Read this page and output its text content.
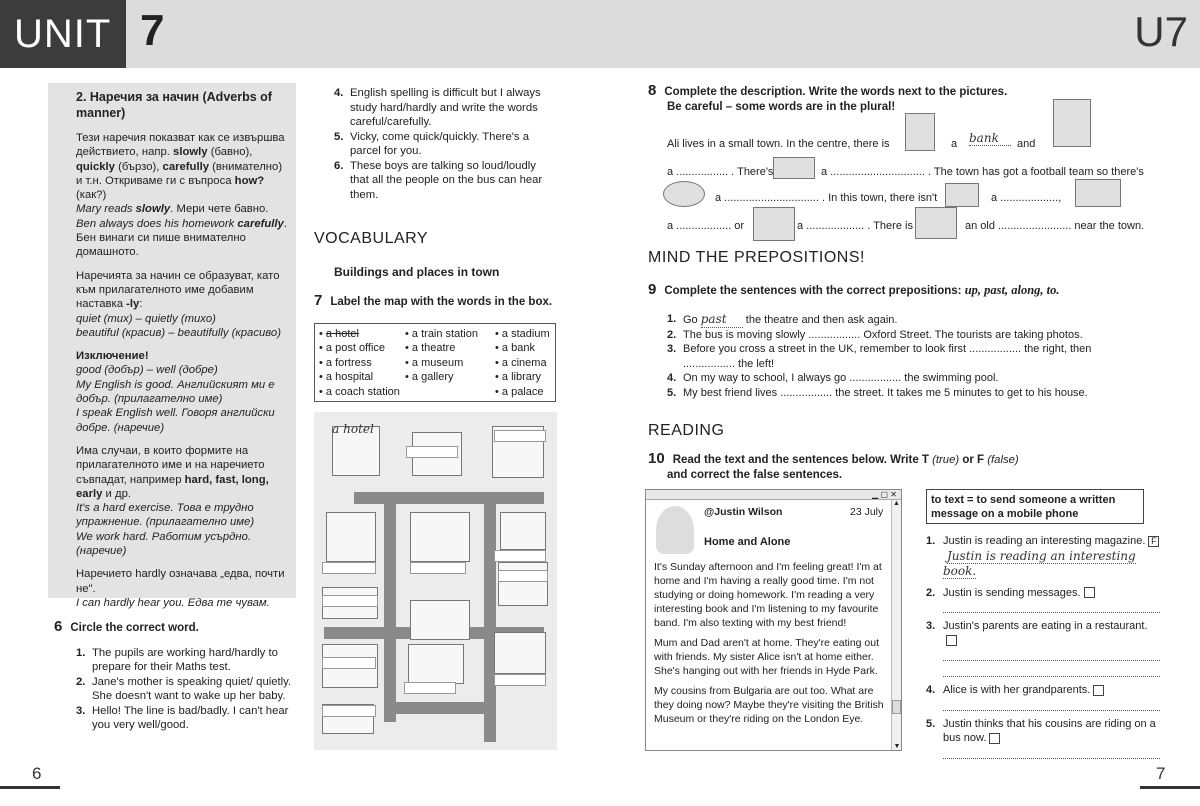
UNIT 7	U7
2. Наречия за начин (Adverbs of manner)

Тези наречия показват как се извършва действието, напр. slowly (бавно), quickly (бързо), carefully (внимателно) и т.н. Откриваме ги с въпроса how? (как?)
Mary reads slowly. Мери чете бавно.
Ben always does his homework carefully. Бен винаги си пише внимателно домашното.

Наречията за начин се образуват, като към прилагателното име добавим наставка -ly:
quiet (тих) – quietly (тихо)
beautiful (красив) – beautifully (красиво)

Изключение!
good (добър) – well (добре)
My English is good. Английският ми е добър. (прилагателно име)
I speak English well. Говоря английски добре. (наречие)

Има случаи, в които формите на прилагателното име и на наречието съвпадат, например hard, fast, long, early и др.
It's a hard exercise. Това е трудно упражнение. (прилагателно име)
We work hard. Работим усърдно. (наречие)

Наречието hardly означава „едва, почти не".
I can hardly hear you. Едва те чувам.

6 Circle the correct word.
1. The pupils are working hard/hardly to prepare for their Maths test.
2. Jane's mother is speaking quiet/ quietly. She doesn't want to wake up her baby.
3. Hello! The line is bad/badly. I can't hear you very well/good.
4. English spelling is difficult but I always study hard/hardly and write the words careful/carefully.
5. Vicky, come quick/quickly. There's a parcel for you.
6. These boys are talking so loud/loudly that all the people on the bus can hear them.
VOCABULARY
Buildings and places in town
7 Label the map with the words in the box.
• a hotel	• a train station	• a stadium
• a post office	• a theatre	• a bank
• a fortress	• a museum	• a cinema
• a hospital	• a gallery	• a library
• a coach station	• a palace
a hotel
8 Complete the description. Write the words next to the pictures.
Be careful – some words are in the plural!
Ali lives in a small town. In the centre, there is	a bank	and
a ................. . There's	a ............................... . The town has got a football team so there's
a ............................... . In this town, there isn't	a ...................,
a .................. or	a ................... . There is	an old ........................ near the town.
MIND THE PREPOSITIONS!
9 Complete the sentences with the correct prepositions: up, past, along, to.
1. Go past the theatre and then ask again.
2. The bus is moving slowly ................. Oxford Street. The tourists are taking photos.
3. Before you cross a street in the UK, remember to look first ................. the right, then ................. the left!
4. On my way to school, I always go ................. the swimming pool.
5. My best friend lives ................. the street. It takes me 5 minutes to get to his house.
READING
10 Read the text and the sentences below. Write T (true) or F (false)
and correct the false sentences.
▁ ▢ ✕
@Justin Wilson	23 July
Home and Alone

It's Sunday afternoon and I'm feeling great! I'm at home and I'm having a really good time. I'm not studying or doing homework. I'm reading a very interesting book and I'm listening to my favourite band. I'm also texting with my best friend!

Mum and Dad aren't at home. They're eating out with friends. My sister Alice isn't at home either. She's hanging out with her friends in Hyde Park.

My cousins from Bulgaria are out too. What are they doing now? Maybe they're visiting the British Museum or they're riding on the London Eye.

▲
▼
to text = to send someone a written message on a mobile phone
1. Justin is reading an interesting magazine. F Justin is reading an interesting book.
2. Justin is sending messages.
3. Justin's parents are eating in a restaurant.
4. Alice is with her grandparents.
5. Justin thinks that his cousins are riding on a bus now.
6	7
